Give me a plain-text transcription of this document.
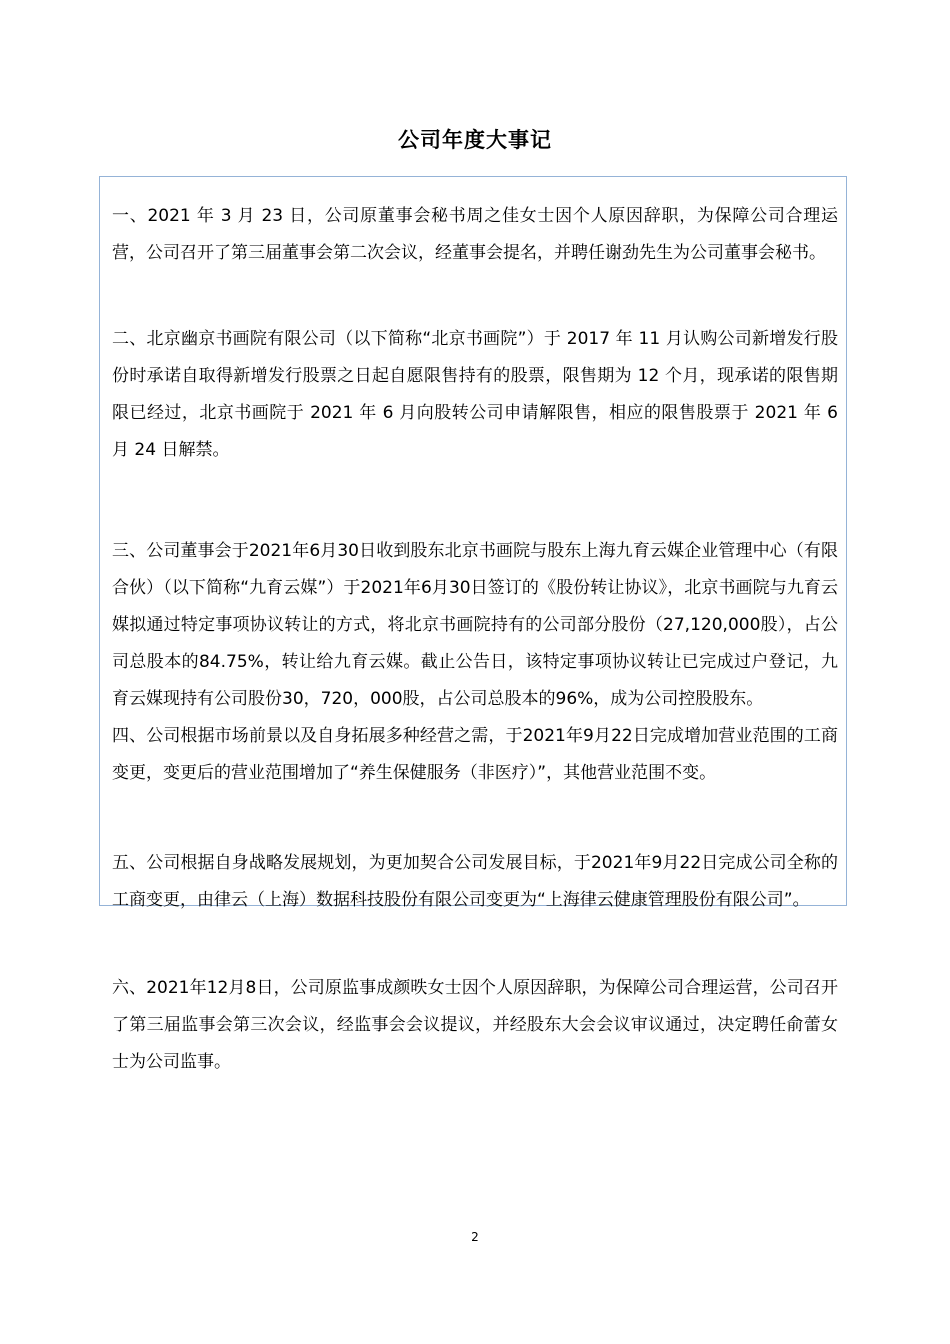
公司年度大事记

一、2021 年 3 月 23 日，公司原董事会秘书周之佳女士因个人原因辞职，为保障公司合理运营，公司召开了第三届董事会第二次会议，经董事会提名，并聘任谢劲先生为公司董事会秘书。

二、北京幽京书画院有限公司（以下简称“北京书画院”）于 2017 年 11 月认购公司新增发行股份时承诺自取得新增发行股票之日起自愿限售持有的股票，限售期为 12 个月，现承诺的限售期限已经过，北京书画院于 2021 年 6 月向股转公司申请解限售，相应的限售股票于 2021 年 6 月 24 日解禁。

三、公司董事会于2021年6月30日收到股东北京书画院与股东上海九育云媒企业管理中心（有限合伙）（以下简称“九育云媒”）于2021年6月30日签订的《股份转让协议》，北京书画院与九育云媒拟通过特定事项协议转让的方式，将北京书画院持有的公司部分股份（27,120,000股），占公司总股本的84.75%，转让给九育云媒。截止公告日，该特定事项协议转让已完成过户登记，九育云媒现持有公司股份30，720，000股，占公司总股本的96%，成为公司控股股东。

四、公司根据市场前景以及自身拓展多种经营之需，于2021年9月22日完成增加营业范围的工商变更，变更后的营业范围增加了“养生保健服务（非医疗）”，其他营业范围不变。

五、公司根据自身战略发展规划，为更加契合公司发展目标，于2021年9月22日完成公司全称的工商变更，由律云（上海）数据科技股份有限公司变更为“上海律云健康管理股份有限公司”。

六、2021年12月8日，公司原监事成颜昳女士因个人原因辞职，为保障公司合理运营，公司召开了第三届监事会第三次会议，经监事会会议提议，并经股东大会会议审议通过，决定聘任俞蕾女士为公司监事。

2
